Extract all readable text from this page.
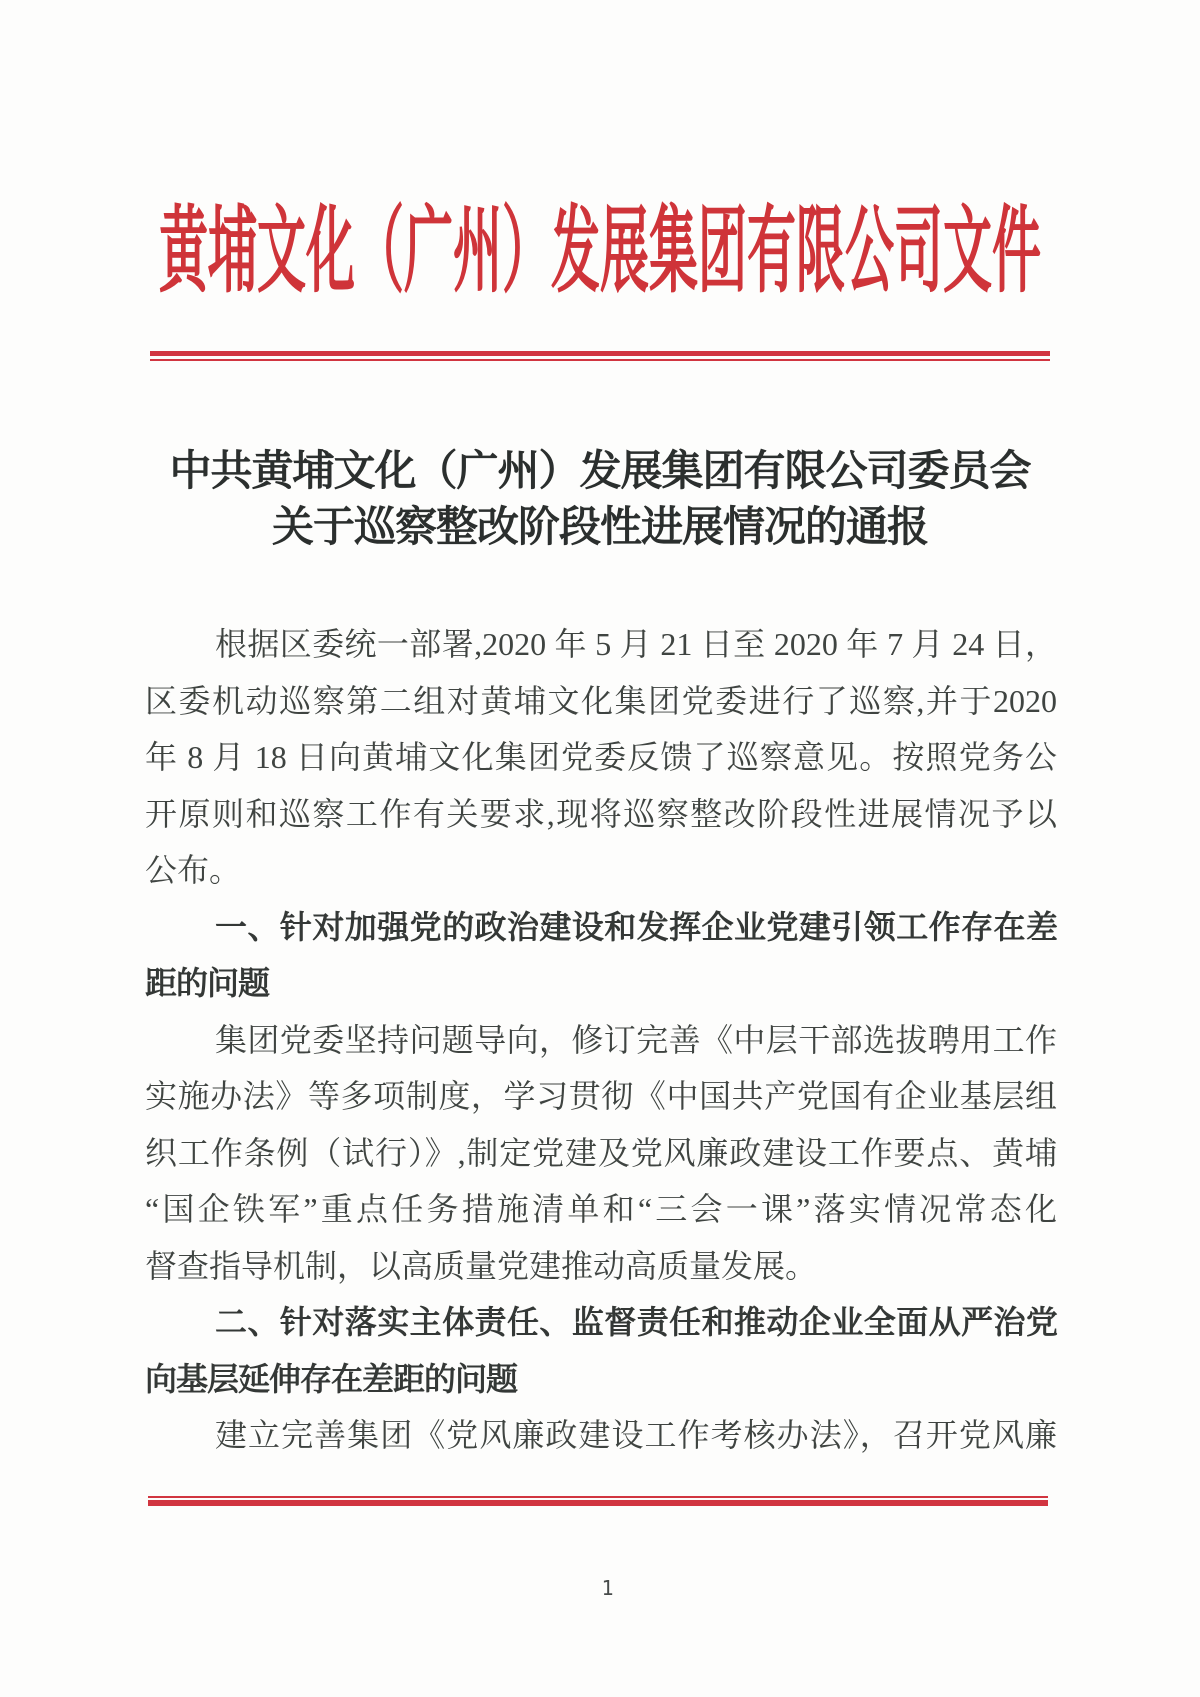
黄埔文化（广州）发展集团有限公司文件
中共黄埔文化（广州）发展集团有限公司委员会
关于巡察整改阶段性进展情况的通报
根据区委统一部署,2020 年 5 月 21 日至 2020 年 7 月 24 日，
区委机动巡察第二组对黄埔文化集团党委进行了巡察,并于2020
年 8 月 18 日向黄埔文化集团党委反馈了巡察意见。按照党务公
开原则和巡察工作有关要求,现将巡察整改阶段性进展情况予以
公布。
一、针对加强党的政治建设和发挥企业党建引领工作存在差
距的问题
集团党委坚持问题导向，修订完善《中层干部选拔聘用工作
实施办法》等多项制度，学习贯彻《中国共产党国有企业基层组
织工作条例（试行）》,制定党建及党风廉政建设工作要点、黄埔
“国企铁军”重点任务措施清单和“三会一课”落实情况常态化
督查指导机制，以高质量党建推动高质量发展。
二、针对落实主体责任、监督责任和推动企业全面从严治党
向基层延伸存在差距的问题
建立完善集团《党风廉政建设工作考核办法》，召开党风廉
1
